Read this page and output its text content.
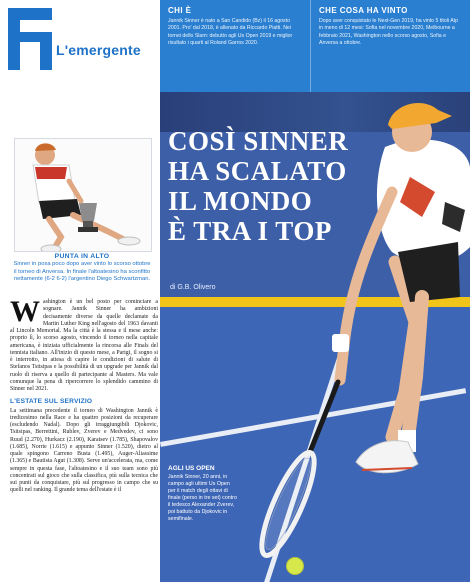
L'emergente
CHI È
Jannik Sinner è nato a San Candido (Bz) il 16 agosto 2001. Pro' dal 2018, è allenato da Riccardo Piatti. Nei tornei dello Slam: debutto agli Us Open 2019 e miglior risultato i quarti al Roland Garros 2020.
CHE COSA HA VINTO
Dopo aver conquistato le Next-Gen 2019, ha vinto 5 titoli Atp in meno di 12 mesi: Sofia nel novembre 2020, Melbourne a febbraio 2021, Washington nello scorso agosto, Sofia e Anversa a ottobre.
COSÌ SINNER
HA SCALATO
IL MONDO
È TRA I TOP
di G.B. Olivero
AGLI US OPEN
Jannik Sinner, 20 anni, in campo agli ultimi Us Open per il match degli ottavi di finale (perso in tre set) contro il tedesco Alexander Zverev, poi battuto da Djokovic in semifinale.
PUNTA IN ALTO
Sinner in posa poco dopo aver vinto lo scorso ottobre il torneo di Anversa. In finale l'altoatesino ha sconfitto nettamente (6-2 6-2) l'argentino Diego Schwartzman.

Washington è un bel posto per cominciare a sognare. Jannik Sinner ha ambizioni decisamente diverse da quelle declamate da Martin Luther King nell'agosto del 1963 davanti al Lincoln Memorial. Ma la città è la stessa e il mese anche: proprio lì, lo scorso agosto, vincendo il torneo nella capitale americana, è iniziata ufficialmente la rincorsa alle Finals del tennista italiano. All'inizio di questo mese, a Parigi, il sogno si è interrotto, in attesa di capire le condizioni di salute di Stefanos Tsitsipas e la possibilità di un upgrade per Jannik dal ruolo di riserva a quello di partecipante al Masters. Ma vale comunque la pena di ripercorrere lo splendido cammino di Sinner nel 2021.

L'ESTATE SUL SERVIZIO

La settimana precedente il torneo di Washington Jannik è tredicesimo nella Race e ha quattro posizioni da recuperare (escludendo Nadal). Dopo gli irraggiungibili Djokovic, Tsitsipas, Berrettini, Rublev, Zverev e Medvedev, ci sono Ruud (2.270), Hurkacz (2.190), Karatsev (1.785), Shapovalov (1.685), Norrie (1.615) e appunto Sinner (1.520), dietro al quale spingono Carreno Busta (1.495), Auger-Aliassime (1.365) e Bautista Agut (1.308). Serve un'accelerata, ma, come sempre in questa fase, l'altoatesino e il suo team sono più concentrati sul gioco che sulla classifica, più sulla tecnica che sui punti da conquistare, più sul progresso in campo che su quelli nel ranking. Il grande tema dell'estate è il
